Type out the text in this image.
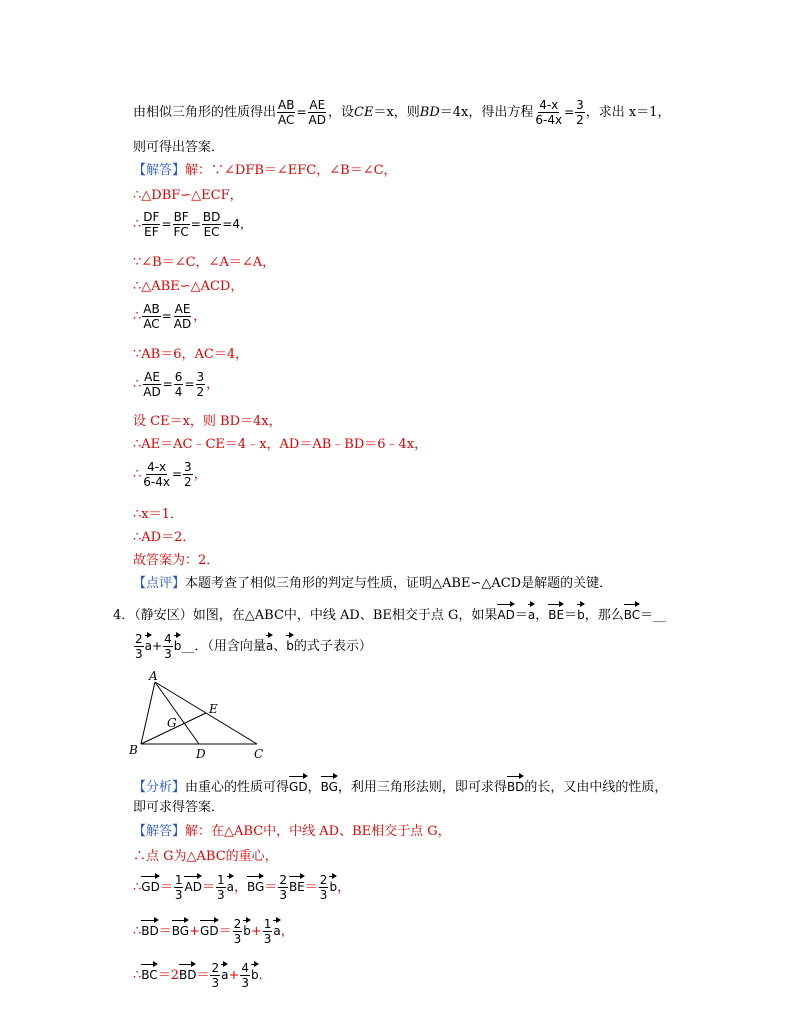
由相似三角形的性质得出 $\frac{AB}{AC} = \frac{AE}{AD}$ ，设CE＝x，则BD＝4x，得出方程 $\frac{4-x}{6-4x} = \frac{3}{2}$ ，求出 x＝1，
则可得出答案．
【解答】解：∵∠DFB＝∠EFC，∠B＝∠C，
∴△DBF∽△ECF，
∴ $\frac{DF}{EF} = \frac{BF}{FC} = \frac{BD}{EC} =4$，
∵∠B＝∠C，∠A＝∠A，
∴△ABE∽△ACD，
∴ $\frac{AB}{AC} = \frac{AE}{AD}$ ，
∵AB＝6，AC＝4，
∴ $\frac{AE}{AD} = \frac{6}{4} = \frac{3}{2}$ ，
设 CE＝x，则 BD＝4x，
∴AE＝AC﹣CE＝4﹣x，AD＝AB﹣BD＝6﹣4x，
∴ $\frac{4-x}{6-4x} = \frac{3}{2}$ ，
∴x＝1．
∴AD＝2．
故答案为：2．
【点评】本题考查了相似三角形的判定与性质，证明△ABE∽△ACD是解题的关键．
4．（静安区）如图，在△ABC中，中线 AD、BE相交于点 G，如果AD＝a，BE＝b，那么BC＝__
$\frac{2}{3} a+ \frac{4}{3}$ b__．（用含向量a、b的式子表示）
A
B	C
D
E
G
【分析】由重心的性质可得GD，BG，利用三角形法则，即可求得BD的长，又由中线的性质，
即可求得答案．
【解答】解：在△ABC中，中线 AD、BE相交于点 G，
∴点 G为△ABC的重心，
∴GD＝ $\frac{1}{3} AD= \frac{1}{3}$ a，$BG= \frac{2}{3} BE= \frac{2}{3}$ b，
∴BD＝BG+GD＝ $\frac{2}{3} b+ \frac{1}{3}$ a，
∴BC＝2BD＝ $\frac{2}{3} a+ \frac{4}{3}$ b．
